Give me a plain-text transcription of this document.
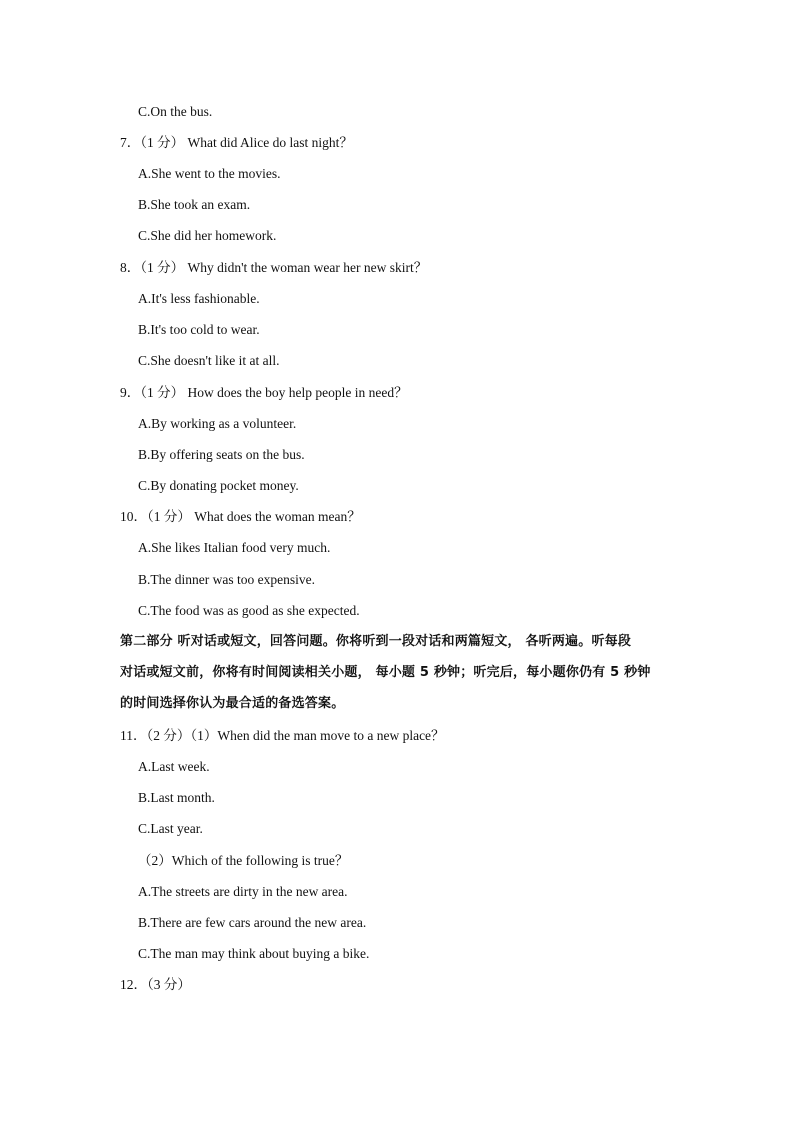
C.On the bus.
7．（1 分） What did Alice do last night？
A.She went to the movies.
B.She took an exam.
C.She did her homework.
8．（1 分） Why didn't the woman wear her new skirt？
A.It's less fashionable.
B.It's too cold to wear.
C.She doesn't like it at all.
9．（1 分） How does the boy help people in need？
A.By working as a volunteer.
B.By offering seats on the bus.
C.By donating pocket money.
10．（1 分） What does the woman mean？
A.She likes Italian food very much.
B.The dinner was too expensive.
C.The food was as good as she expected.
第二部分 听对话或短文，回答问题。你将听到一段对话和两篇短文， 各听两遍。听每段
对话或短文前，你将有时间阅读相关小题， 每小题 5 秒钟；听完后，每小题你仍有 5 秒钟
的时间选择你认为最合适的备选答案。
11．（2 分）（1）When did the man move to a new place？
A.Last week.
B.Last month.
C.Last year.
（2）Which of the following is true？
A.The streets are dirty in the new area.
B.There are few cars around the new area.
C.The man may think about buying a bike.
12．（3 分）
